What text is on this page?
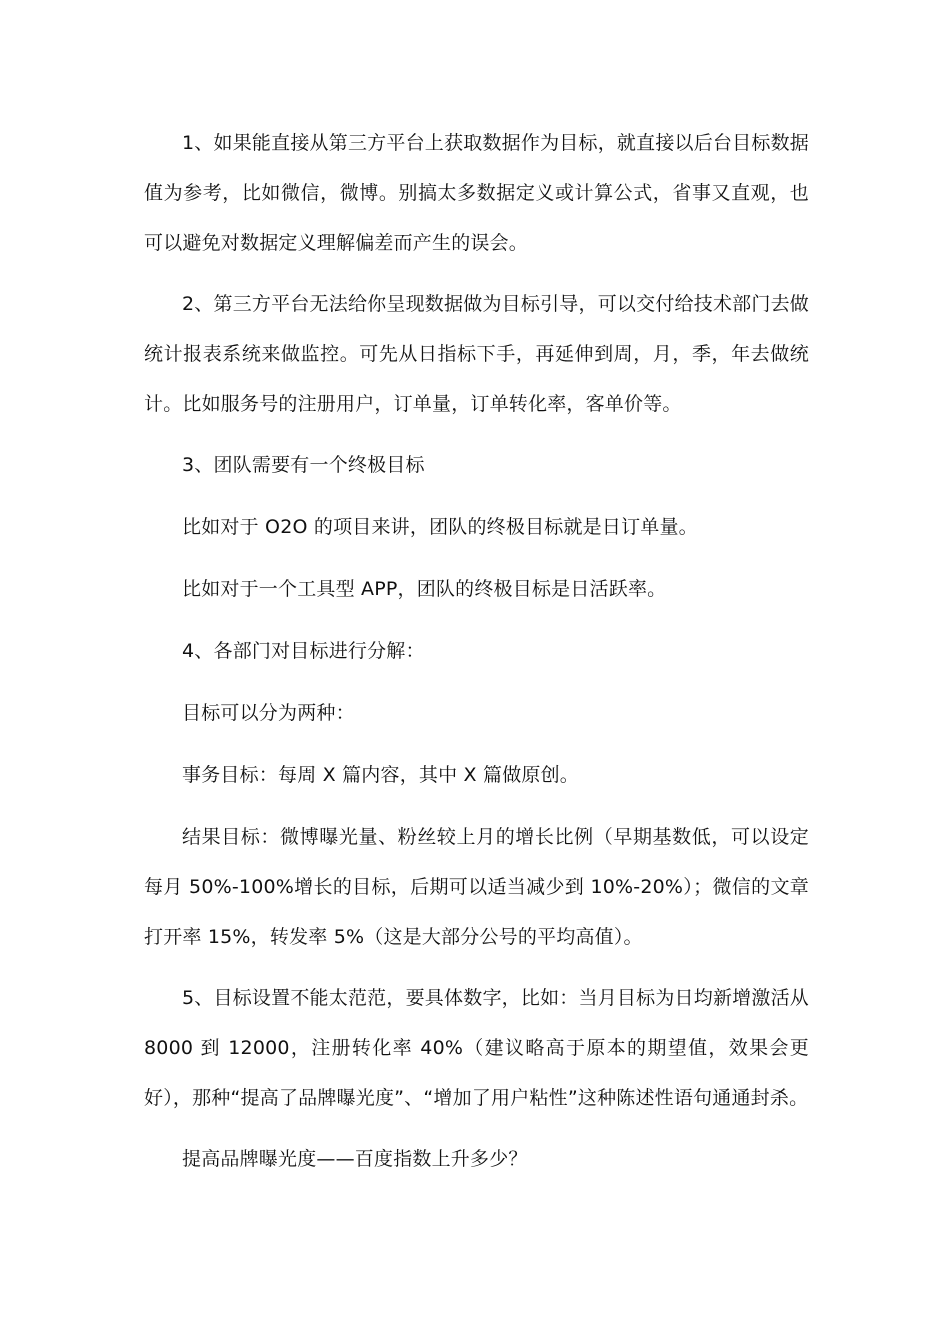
1、如果能直接从第三方平台上获取数据作为目标，就直接以后台目标数据值为参考，比如微信，微博。别搞太多数据定义或计算公式，省事又直观，也可以避免对数据定义理解偏差而产生的误会。

2、第三方平台无法给你呈现数据做为目标引导，可以交付给技术部门去做统计报表系统来做监控。可先从日指标下手，再延伸到周，月，季，年去做统计。比如服务号的注册用户，订单量，订单转化率，客单价等。

3、团队需要有一个终极目标

比如对于 O2O 的项目来讲，团队的终极目标就是日订单量。

比如对于一个工具型 APP，团队的终极目标是日活跃率。

4、各部门对目标进行分解：

目标可以分为两种：

事务目标：每周 X 篇内容，其中 X 篇做原创。

结果目标：微博曝光量、粉丝较上月的增长比例（早期基数低，可以设定每月 50%-100%增长的目标，后期可以适当减少到 10%-20%）；微信的文章打开率 15%，转发率 5%（这是大部分公号的平均高值）。

5、目标设置不能太范范，要具体数字，比如：当月目标为日均新增激活从 8000 到 12000，注册转化率 40%（建议略高于原本的期望值，效果会更好），那种“提高了品牌曝光度”、“增加了用户粘性”这种陈述性语句通通封杀。

提高品牌曝光度——百度指数上升多少？
